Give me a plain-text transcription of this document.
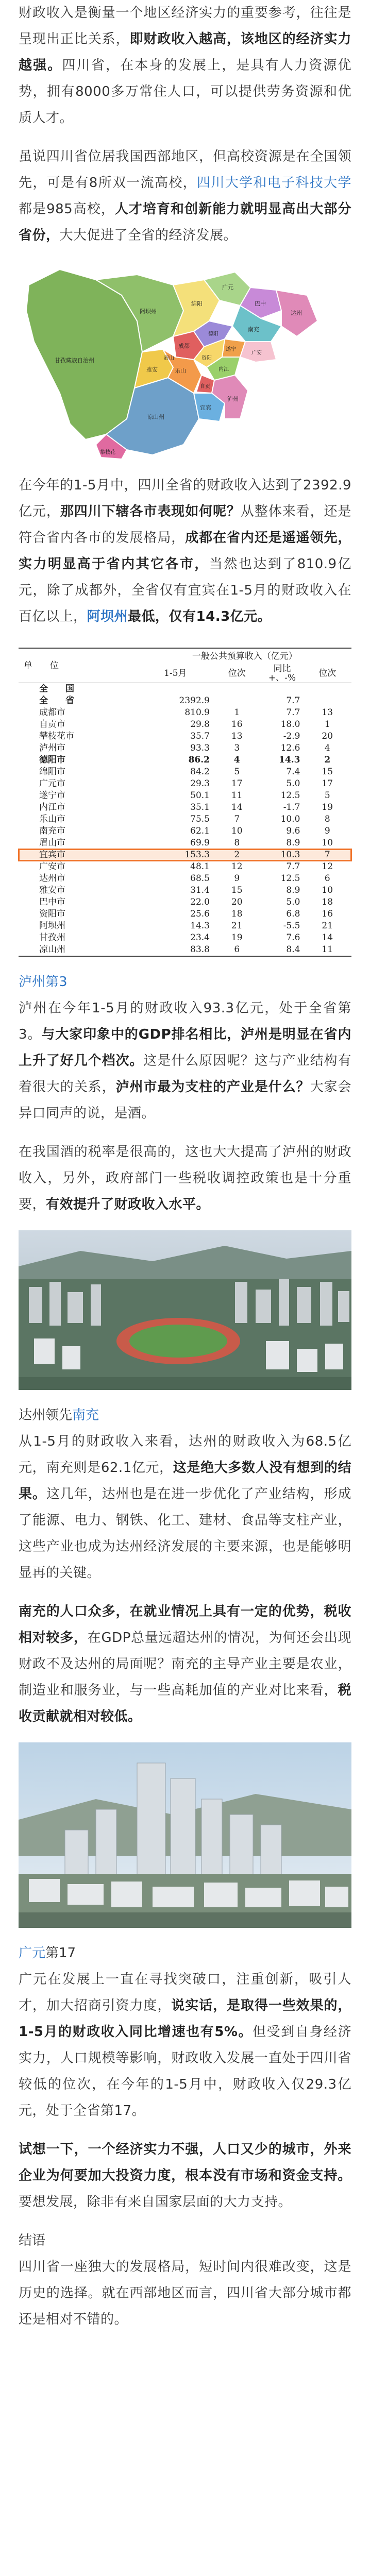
财政收入是衡量一个地区经济实力的重要参考，往往是呈现出正比关系，即财政收入越高，该地区的经济实力越强。四川省，在本身的发展上，是具有人力资源优势，拥有8000多万常住人口，可以提供劳务资源和优质人才。

虽说四川省位居我国西部地区，但高校资源是在全国领先，可是有8所双一流高校，四川大学和电子科技大学都是985高校，人才培育和创新能力就明显高出大部分省份，大大促进了全省的经济发展。

甘孜藏族自治州
阿坝州
绵阳	巴中
达州
广元
南充
成都
雅安
凉山州
攀枝花
宜宾
泸州
乐山	内江
遂宁
眉山
自贡
广安
德阳
资阳

在今年的1-5月中，四川全省的财政收入达到了2392.9亿元，那四川下辖各市表现如何呢？从整体来看，还是符合省内各市的发展格局，成都在省内还是遥遥领先，实力明显高于省内其它各市，当然也达到了810.9亿元，除了成都外，全省仅有宜宾在1-5月的财政收入在百亿以上，阿坝州最低，仅有14.3亿元。

单　　位	一般公共预算收入（亿元）			
	1-5月	位次	同比 +、-%	位次
全　　国				
全　　省	2392.9		7.7	
成都市	810.9	1	7.7	13
自贡市	29.8	16	18.0	1
攀枝花市	35.7	13	-2.9	20
泸州市	93.3	3	12.6	4
德阳市	86.2	4	14.3	2
绵阳市	84.2	5	7.4	15
广元市	29.3	17	5.0	17
遂宁市	50.1	11	12.5	5
内江市	35.1	14	-1.7	19
乐山市	75.5	7	10.0	8
南充市	62.1	10	9.6	9
眉山市	69.9	8	8.9	10
宜宾市	153.3	2	10.3	7
广安市	48.1	12	7.7	12
达州市	68.5	9	12.5	6
雅安市	31.4	15	8.9	10
巴中市	22.0	20	5.0	18
资阳市	25.6	18	6.8	16
阿坝州	14.3	21	-5.5	21
甘孜州	23.4	19	7.6	14
凉山州	83.8	6	8.4	11
泸州第3

泸州在今年1-5月的财政收入93.3亿元，处于全省第3。与大家印象中的GDP排名相比，泸州是明显在省内上升了好几个档次。这是什么原因呢？这与产业结构有着很大的关系，泸州市最为支柱的产业是什么？大家会异口同声的说，是酒。

在我国酒的税率是很高的，这也大大提高了泸州的财政收入，另外，政府部门一些税收调控政策也是十分重要，有效提升了财政收入水平。

达州领先南充

从1-5月的财政收入来看，达州的财政收入为68.5亿元，南充则是62.1亿元，这是绝大多数人没有想到的结果。这几年，达州也是在进一步优化了产业结构，形成了能源、电力、钢铁、化工、建材、食品等支柱产业，这些产业也成为达州经济发展的主要来源，也是能够明显再的关键。

南充的人口众多，在就业情况上具有一定的优势，税收相对较多，在GDP总量远超达州的情况，为何还会出现财政不及达州的局面呢？南充的主导产业主要是农业，制造业和服务业，与一些高耗加值的产业对比来看，税收贡献就相对较低。

广元第17

广元在发展上一直在寻找突破口，注重创新，吸引人才，加大招商引资力度，说实话，是取得一些效果的，1-5月的财政收入同比增速也有5%。但受到自身经济实力，人口规模等影响，财政收入发展一直处于四川省较低的位次，在今年的1-5月中，财政收入仅29.3亿元，处于全省第17。

试想一下，一个经济实力不强，人口又少的城市，外来企业为何要加大投资力度，根本没有市场和资金支持。要想发展，除非有来自国家层面的大力支持。

结语

四川省一座独大的发展格局，短时间内很难改变，这是历史的选择。就在西部地区而言，四川省大部分城市都还是相对不错的。
